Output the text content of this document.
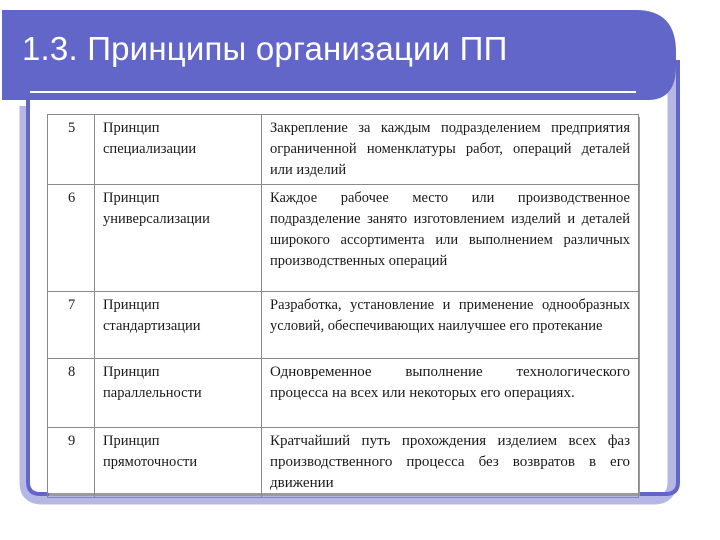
1.3. Принципы организации ПП
5	Принцип специализации	Закрепление за каждым подразделением предприятия ограниченной номенклатуры работ, операций деталей или изделий
6	Принцип универсализации	Каждое рабочее место или производственное подразделение занято изготовлением изделий и деталей широкого ассортимента или выполнением различных производственных операций
7	Принцип стандартизации	Разработка, установление и применение однообразных условий, обеспечивающих наилучшее его протекание
8	Принцип параллельности	Одновременное выполнение технологического процесса на всех или некоторых его операциях.
9	Принцип прямоточности	Кратчайший путь прохождения изделием всех фаз производственного процесса без возвратов в его движении
